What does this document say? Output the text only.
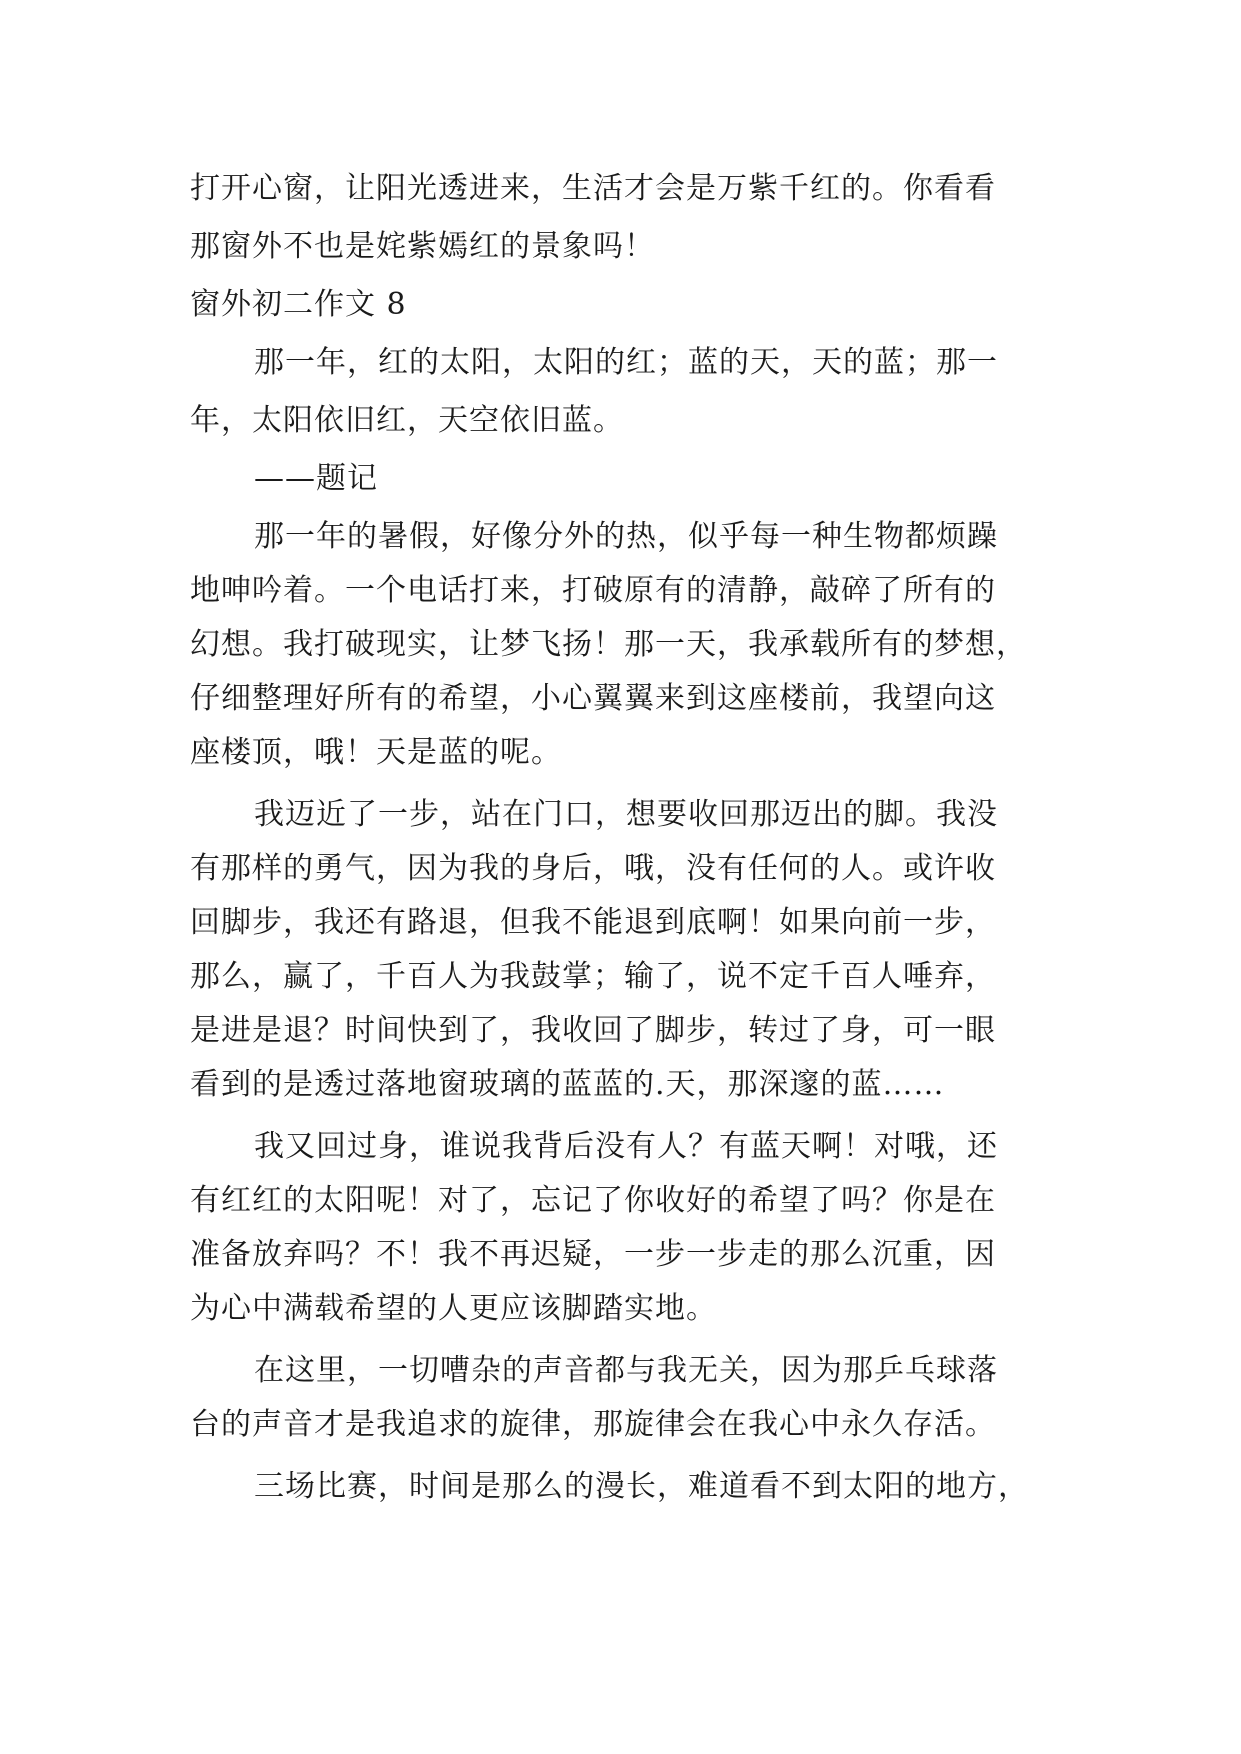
打开心窗，让阳光透进来，生活才会是万紫千红的。你看看
那窗外不也是姹紫嫣红的景象吗！
窗外初二作文 8
那一年，红的太阳，太阳的红；蓝的天，天的蓝；那一
年，太阳依旧红，天空依旧蓝。
——题记
那一年的暑假，好像分外的热，似乎每一种生物都烦躁
地呻吟着。一个电话打来，打破原有的清静，敲碎了所有的
幻想。我打破现实，让梦飞扬！那一天，我承载所有的梦想，
仔细整理好所有的希望，小心翼翼来到这座楼前，我望向这
座楼顶，哦！天是蓝的呢。
我迈近了一步，站在门口，想要收回那迈出的脚。我没
有那样的勇气，因为我的身后，哦，没有任何的人。或许收
回脚步，我还有路退，但我不能退到底啊！如果向前一步，
那么，赢了，千百人为我鼓掌；输了，说不定千百人唾弃，
是进是退？时间快到了，我收回了脚步，转过了身，可一眼
看到的是透过落地窗玻璃的蓝蓝的.天，那深邃的蓝……
我又回过身，谁说我背后没有人？有蓝天啊！对哦，还
有红红的太阳呢！对了，忘记了你收好的希望了吗？你是在
准备放弃吗？不！我不再迟疑，一步一步走的那么沉重，因
为心中满载希望的人更应该脚踏实地。
在这里，一切嘈杂的声音都与我无关，因为那乒乓球落
台的声音才是我追求的旋律，那旋律会在我心中永久存活。
三场比赛，时间是那么的漫长，难道看不到太阳的地方，
